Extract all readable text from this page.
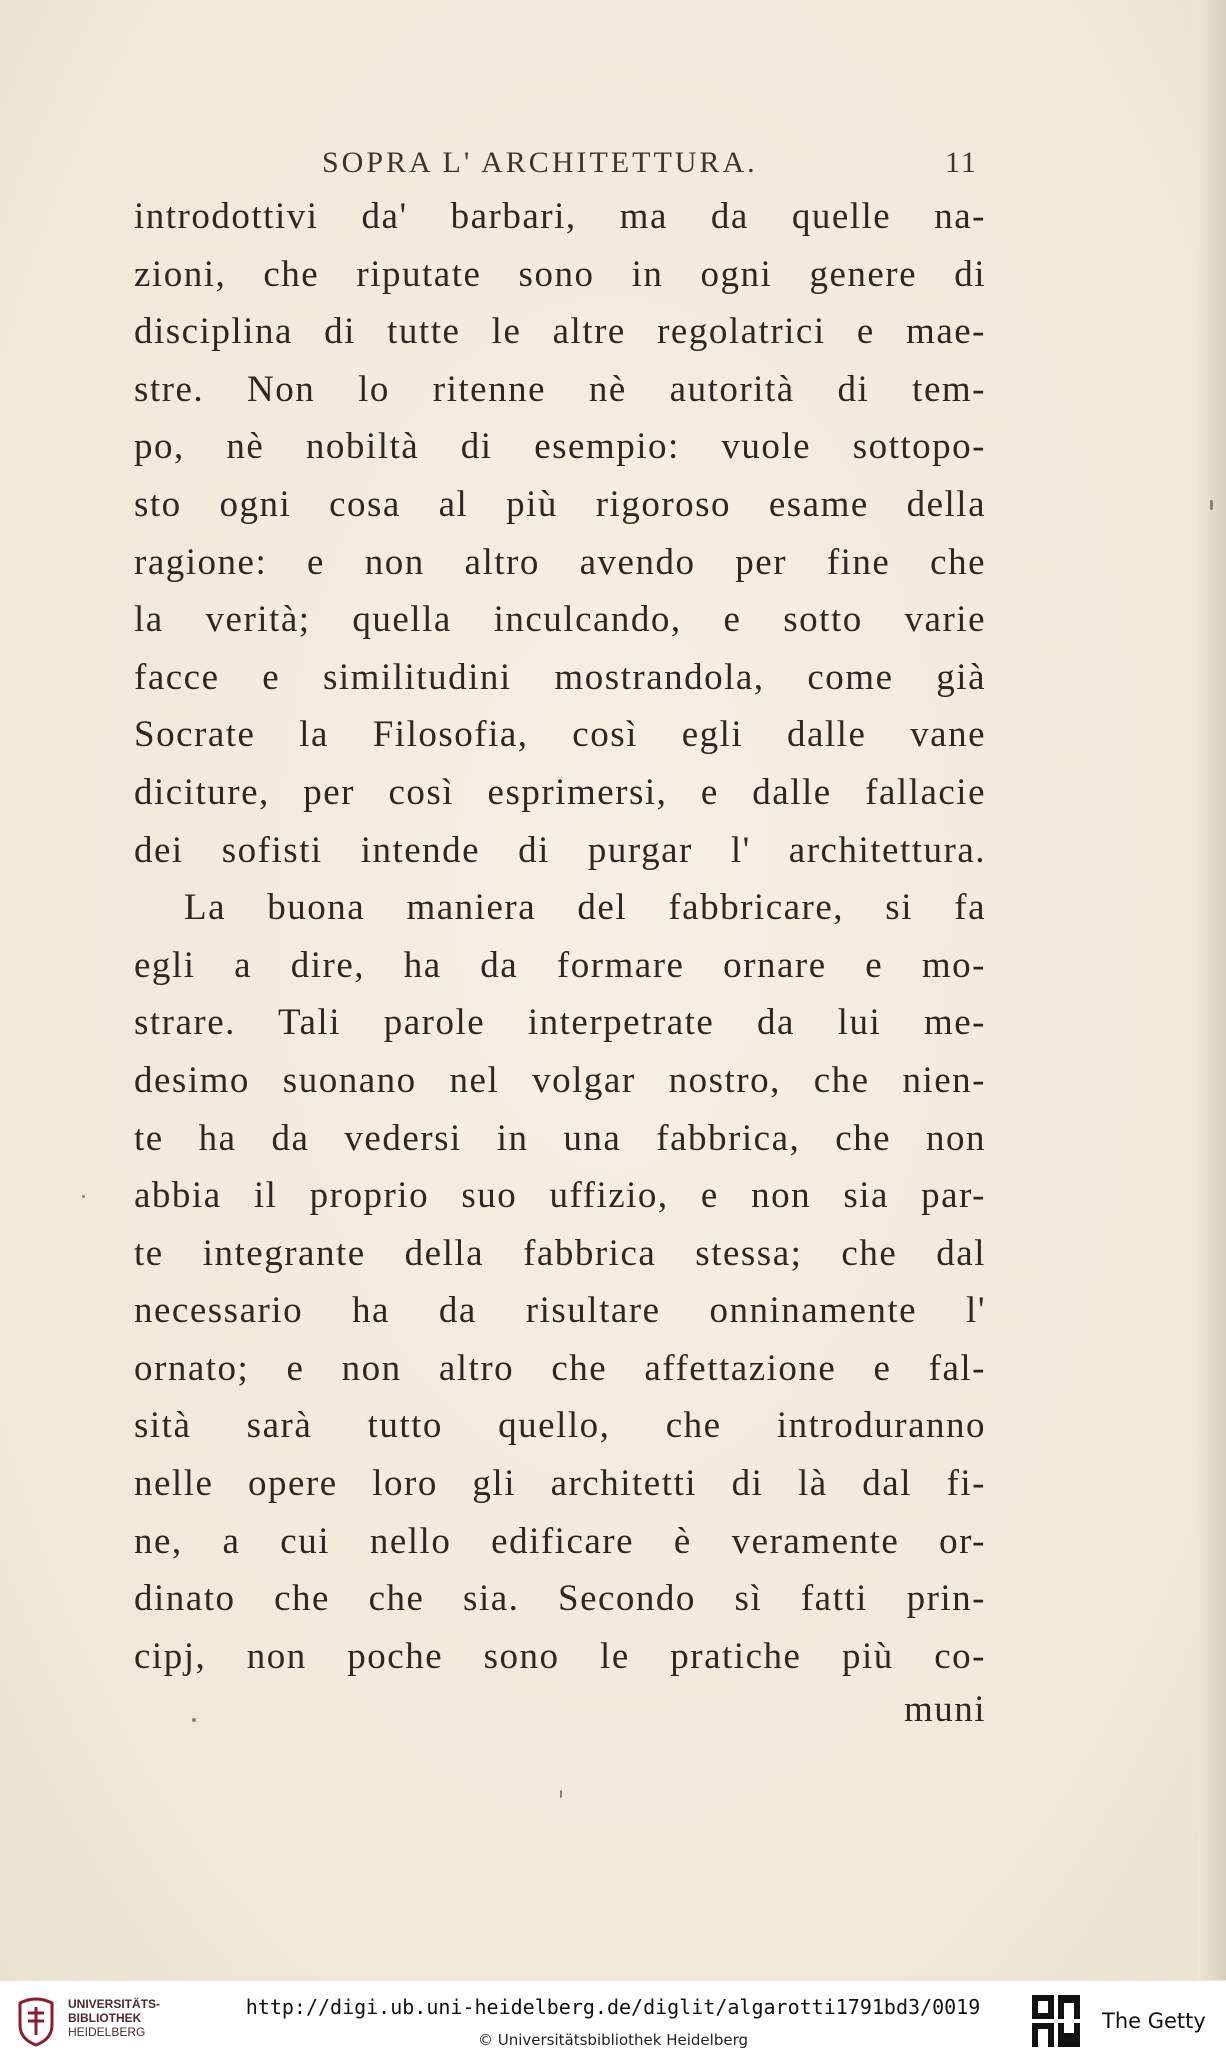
SOPRA L' ARCHITETTURA.	11
introdottivi da' barbari, ma da quelle na-
zioni, che riputate sono in ogni genere di
disciplina di tutte le altre regolatrici e mae-
stre. Non lo ritenne nè autorità di tem-
po, nè nobiltà di esempio: vuole sottopo-
sto ogni cosa al più rigoroso esame della
ragione: e non altro avendo per fine che
la verità; quella inculcando, e sotto varie
facce e similitudini mostrandola, come già
Socrate la Filosofia, così egli dalle vane
diciture, per così esprimersi, e dalle fallacie
dei sofisti intende di purgar l' architettura.
La buona maniera del fabbricare, si fa
egli a dire, ha da formare ornare e mo-
strare. Tali parole interpetrate da lui me-
desimo suonano nel volgar nostro, che nien-
te ha da vedersi in una fabbrica, che non
abbia il proprio suo uffizio, e non sia par-
te integrante della fabbrica stessa; che dal
necessario ha da risultare onninamente l'
ornato; e non altro che affettazione e fal-
sità sarà tutto quello, che introduranno
nelle opere loro gli architetti di là dal fi-
ne, a cui nello edificare è veramente or-
dinato che che sia. Secondo sì fatti prin-
cipj, non poche sono le pratiche più co-
muni
UNIVERSITÄTS-
BIBLIOTHEK
HEIDELBERG
http://digi.ub.uni-heidelberg.de/diglit/algarotti1791bd3/0019
© Universitätsbibliothek Heidelberg
The Getty
